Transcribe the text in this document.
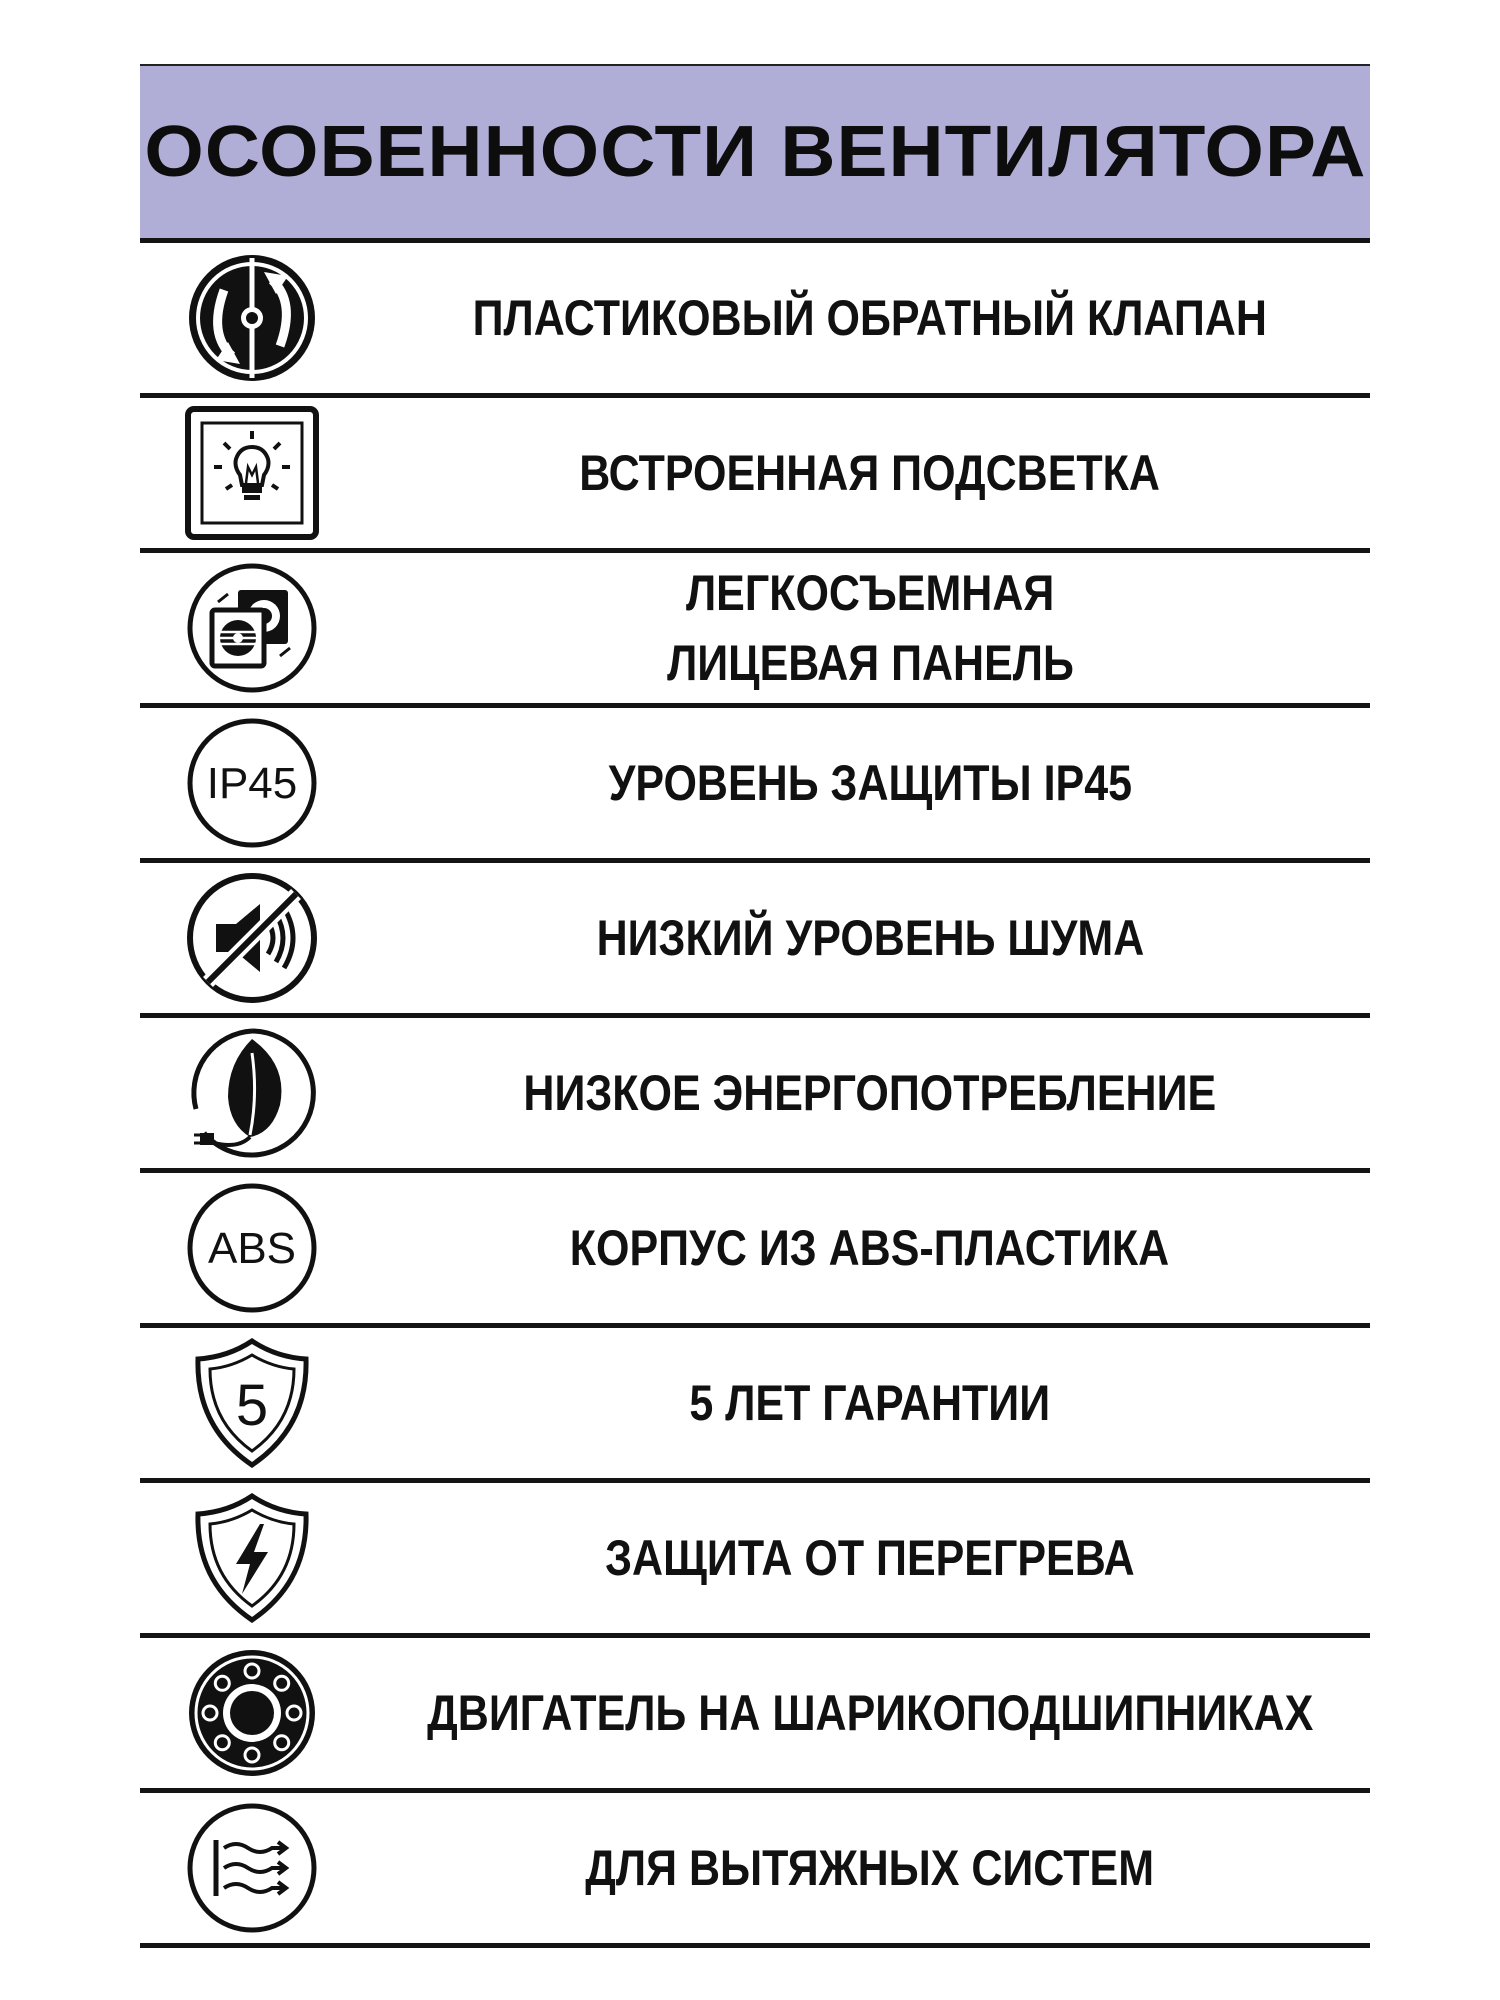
ОСОБЕННОСТИ ВЕНТИЛЯТОРА
ПЛАСТИКОВЫЙ ОБРАТНЫЙ КЛАПАН
ВСТРОЕННАЯ ПОДСВЕТКА
ЛЕГКОСЪЕМНАЯ
ЛИЦЕВАЯ ПАНЕЛЬ
IP45	УРОВЕНЬ ЗАЩИТЫ IP45
НИЗКИЙ УРОВЕНЬ ШУМА
НИЗКОЕ ЭНЕРГОПОТРЕБЛЕНИЕ
ABS	КОРПУС ИЗ ABS-ПЛАСТИКА
5	5 ЛЕТ ГАРАНТИИ
ЗАЩИТА ОТ ПЕРЕГРЕВА
ДВИГАТЕЛЬ НА ШАРИКОПОДШИПНИКАХ
ДЛЯ ВЫТЯЖНЫХ СИСТЕМ
